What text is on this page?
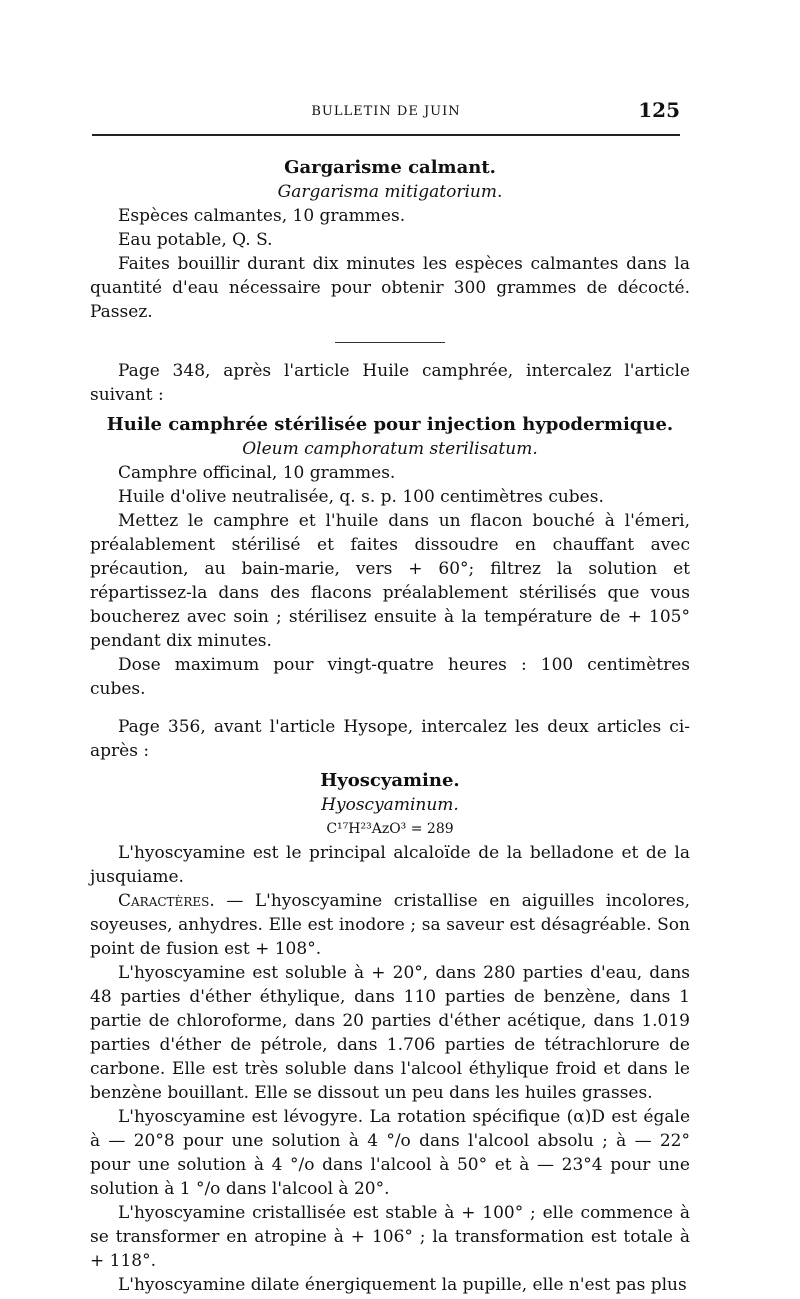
BULLETIN DE JUIN	125

Gargarisme calmant.

Gargarisma mitigatorium.

Espèces calmantes, 10 grammes.

Eau potable, Q. S.

Faites bouillir durant dix minutes les espèces calmantes dans la quantité d'eau nécessaire pour obtenir 300 grammes de décocté. Passez.

Page 348, après l'article Huile camphrée, intercalez l'article suivant :

Huile camphrée stérilisée pour injection hypodermique.

Oleum camphoratum sterilisatum.

Camphre officinal, 10 grammes.

Huile d'olive neutralisée, q. s. p. 100 centimètres cubes.

Mettez le camphre et l'huile dans un flacon bouché à l'émeri, préalablement stérilisé et faites dissoudre en chauffant avec précaution, au bain-marie, vers + 60°; filtrez la solution et répartissez-la dans des flacons préalablement stérilisés que vous boucherez avec soin ; stérilisez ensuite à la température de + 105° pendant dix minutes.

Dose maximum pour vingt-quatre heures : 100 centimètres cubes.

Page 356, avant l'article Hysope, intercalez les deux articles ci-après :

Hyoscyamine.

Hyoscyaminum.

C¹⁷H²³AzO³ = 289

L'hyoscyamine est le principal alcaloïde de la belladone et de la jusquiame.

Caractères. — L'hyoscyamine cristallise en aiguilles incolores, soyeuses, anhydres. Elle est inodore ; sa saveur est désagréable. Son point de fusion est + 108°.

L'hyoscyamine est soluble à + 20°, dans 280 parties d'eau, dans 48 parties d'éther éthylique, dans 110 parties de benzène, dans 1 partie de chloroforme, dans 20 parties d'éther acétique, dans 1.019 parties d'éther de pétrole, dans 1.706 parties de tétrachlorure de carbone. Elle est très soluble dans l'alcool éthylique froid et dans le benzène bouillant. Elle se dissout un peu dans les huiles grasses.

L'hyoscyamine est lévogyre. La rotation spécifique (α)D est égale à — 20°8 pour une solution à 4 °/o dans l'alcool absolu ; à — 22° pour une solution à 4 °/o dans l'alcool à 50° et à — 23°4 pour une solution à 1 °/o dans l'alcool à 20°.

L'hyoscyamine cristallisée est stable à + 100° ; elle commence à se transformer en atropine à + 106° ; la transformation est totale à + 118°.

L'hyoscyamine dilate énergiquement la pupille, elle n'est pas plus
